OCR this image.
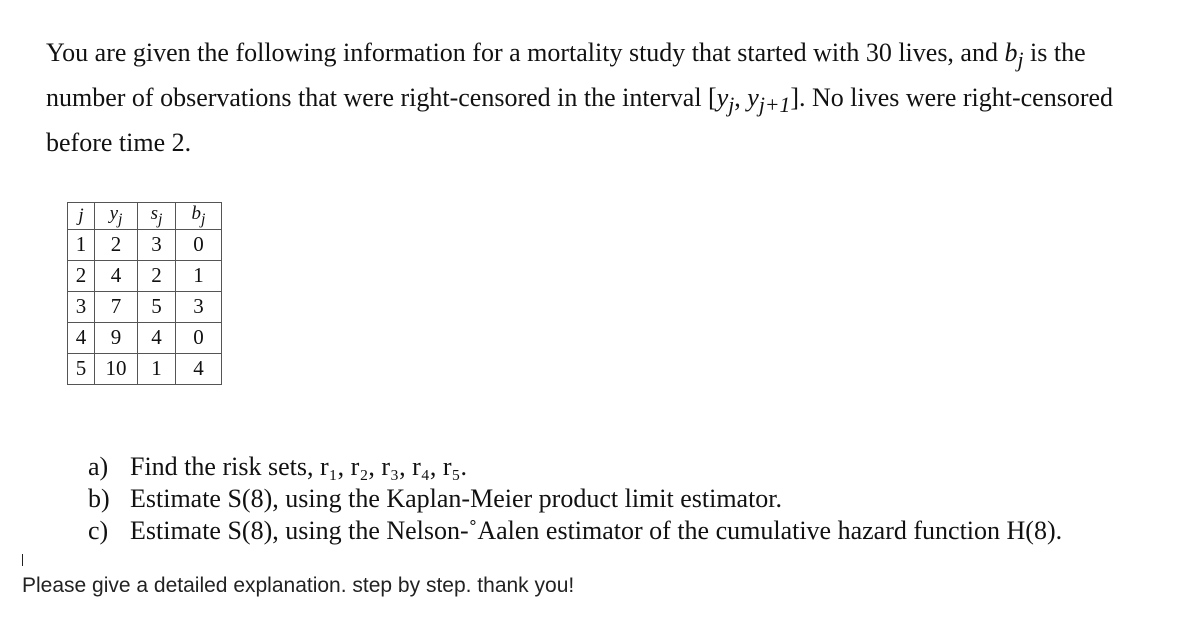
You are given the following information for a mortality study that started with 30 lives, and $b_j$ is the number of observations that were right-censored in the interval [$y_j$, $y_{j+1}$]. No lives were right-censored before time 2.

j	$y_j$	$s_j$	$b_j$
1	2	3	0
2	4	2	1
3	7	5	3
4	9	4	0
5	10	1	4
a) Find the risk sets, r₁, r₂, r₃, r₄, r₅.
b) Estimate S(8), using the Kaplan-Meier product limit estimator.
c) Estimate S(8), using the Nelson-˚Aalen estimator of the cumulative hazard function H(8).

Please give a detailed explanation. step by step. thank you!
